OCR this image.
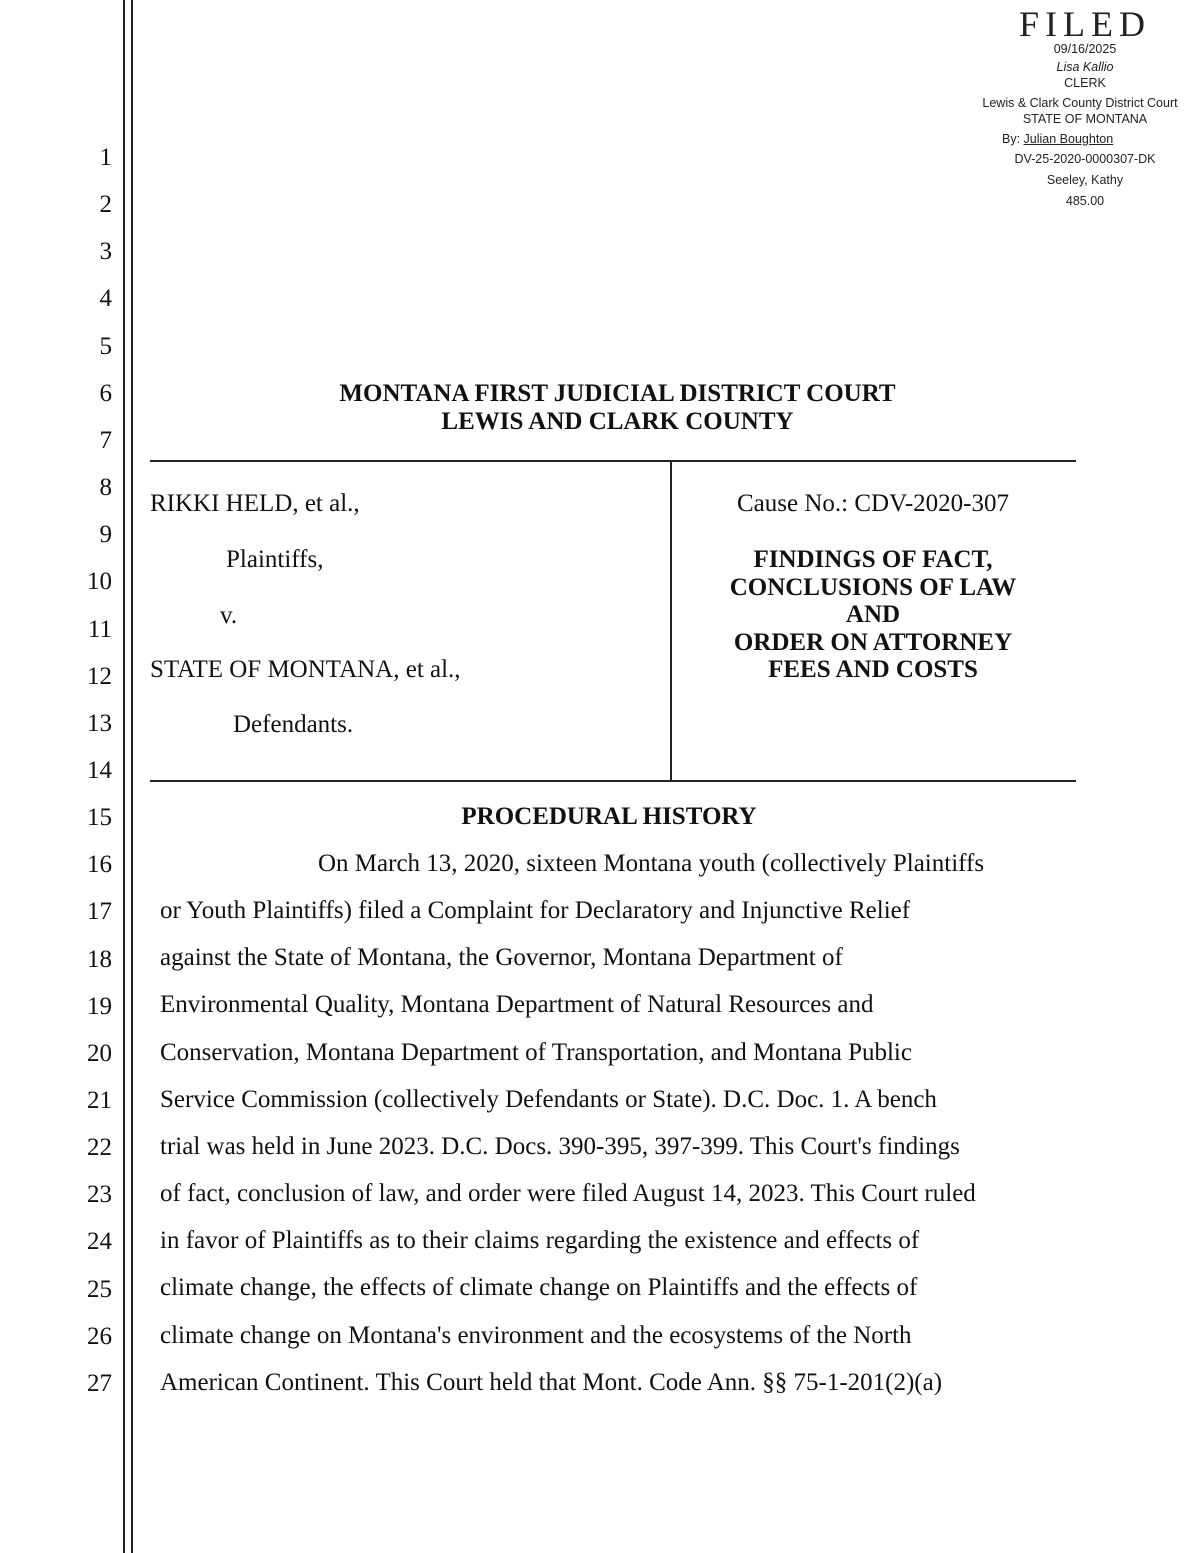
1
2
3
4
5
6
7
8
9
10
11
12
13
14
15
16
17
18
19
20
21
22
23
24
25
26
27
FILED
09/16/2025
Lisa Kallio
CLERK
Lewis & Clark County District Court
STATE OF MONTANA
By: Julian Boughton
DV-25-2020-0000307-DK
Seeley, Kathy
485.00
MONTANA FIRST JUDICIAL DISTRICT COURT
LEWIS AND CLARK COUNTY
RIKKI HELD, et al.,
Plaintiffs,
v.
STATE OF MONTANA, et al.,
Defendants.
Cause No.: CDV-2020-307
FINDINGS OF FACT,
CONCLUSIONS OF LAW
AND
ORDER ON ATTORNEY
FEES AND COSTS
PROCEDURAL HISTORY
On March 13, 2020, sixteen Montana youth (collectively Plaintiffs
or Youth Plaintiffs) filed a Complaint for Declaratory and Injunctive Relief
against the State of Montana, the Governor, Montana Department of
Environmental Quality, Montana Department of Natural Resources and
Conservation, Montana Department of Transportation, and Montana Public
Service Commission (collectively Defendants or State). D.C. Doc. 1. A bench
trial was held in June 2023. D.C. Docs. 390-395, 397-399. This Court's findings
of fact, conclusion of law, and order were filed August 14, 2023. This Court ruled
in favor of Plaintiffs as to their claims regarding the existence and effects of
climate change, the effects of climate change on Plaintiffs and the effects of
climate change on Montana's environment and the ecosystems of the North
American Continent. This Court held that Mont. Code Ann. §§ 75-1-201(2)(a)
